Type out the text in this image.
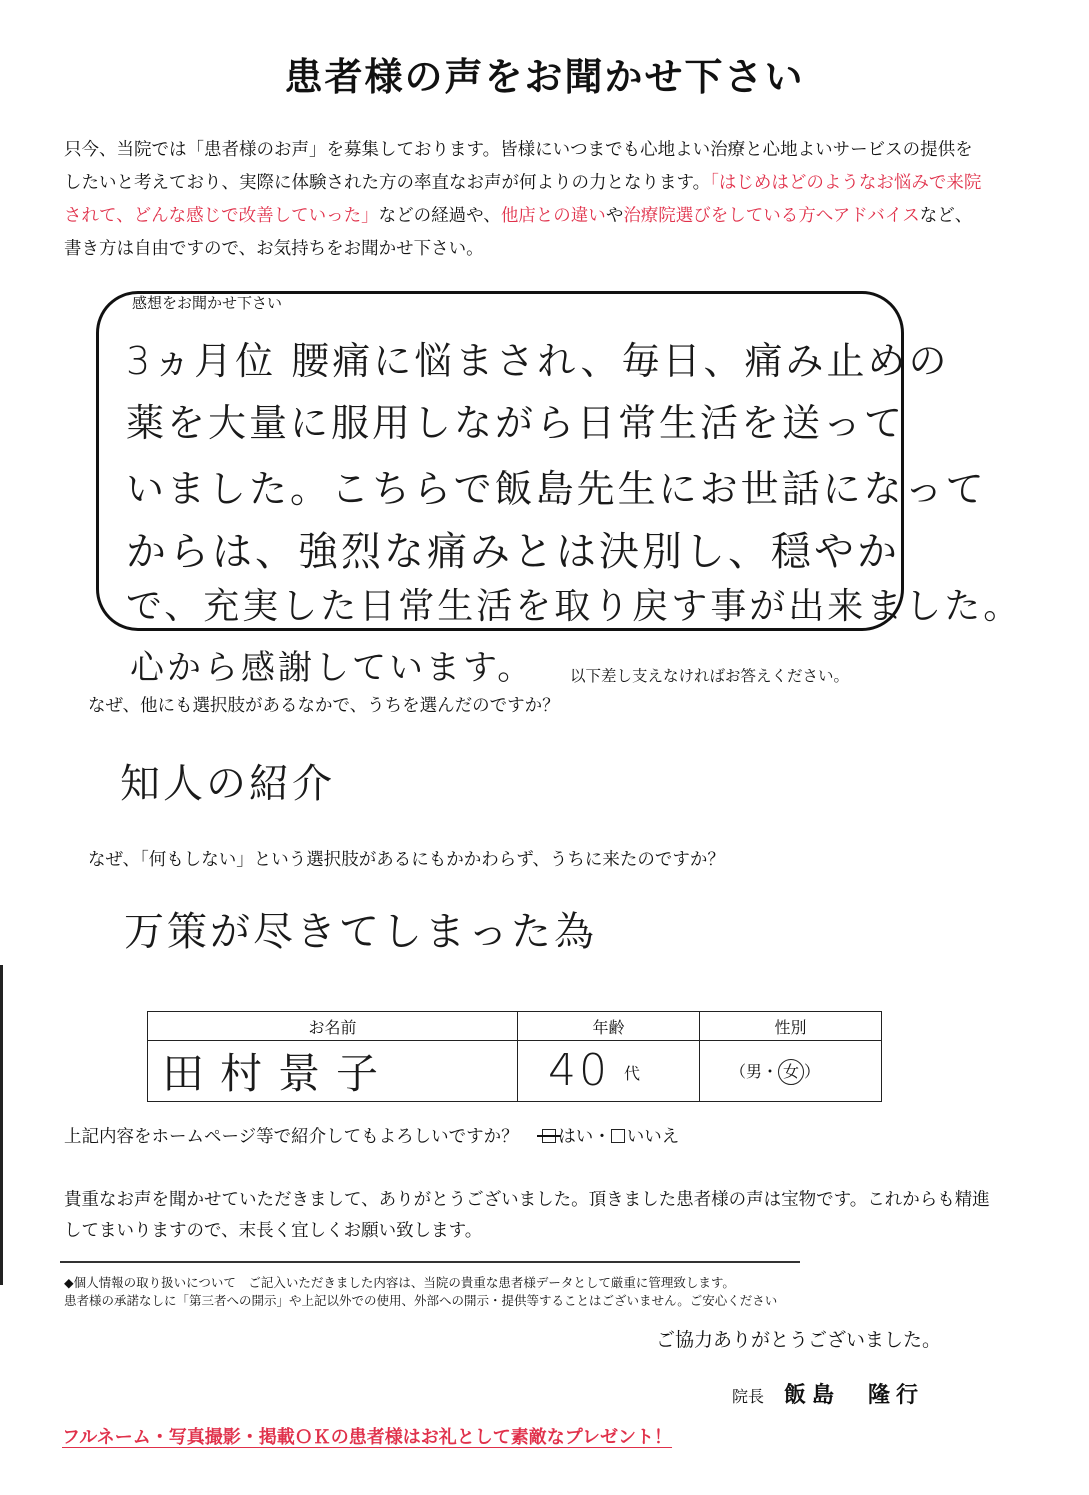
患者様の声をお聞かせ下さい

只今、当院では「患者様のお声」を募集しております。皆様にいつまでも心地よい治療と心地よいサービスの提供をしたいと考えており、実際に体験された方の率直なお声が何よりの力となります。「はじめはどのようなお悩みで来院されて、どんな感じで改善していった」などの経過や、他店との違いや治療院選びをしている方へアドバイスなど、書き方は自由ですので、お気持ちをお聞かせ下さい。

感想をお聞かせ下さい
3ヵ月位 腰痛に悩まされ、毎日、痛み止めの
薬を大量に服用しながら日常生活を送って
いました。こちらで飯島先生にお世話になって
からは、強烈な痛みとは決別し、穏やか
で、充実した日常生活を取り戻す事が出来ました。
心から感謝しています。 以下差し支えなければお答えください。
なぜ、他にも選択肢があるなかで、うちを選んだのですか？
知人の紹介
なぜ、「何もしない」という選択肢があるにもかかわらず、うちに来たのですか？
万策が尽きてしまった為
お名前	年齢	性別
田村景子	40 代	（男・ 女 ）
上記内容をホームページ等で紹介してもよろしいですか？ はい・ いいえ

貴重なお声を聞かせていただきまして、ありがとうございました。頂きました患者様の声は宝物です。これからも精進してまいりますので、末長く宜しくお願い致します。

◆個人情報の取り扱いについて　ご記入いただきました内容は、当院の貴重な患者様データとして厳重に管理致します。
患者様の承諾なしに「第三者への開示」や上記以外での使用、外部への開示・提供等することはございません。ご安心ください

ご協力ありがとうございました。
院長 飯島　隆行
フルネーム・写真撮影・掲載ＯＫの患者様はお礼として素敵なプレゼント！
